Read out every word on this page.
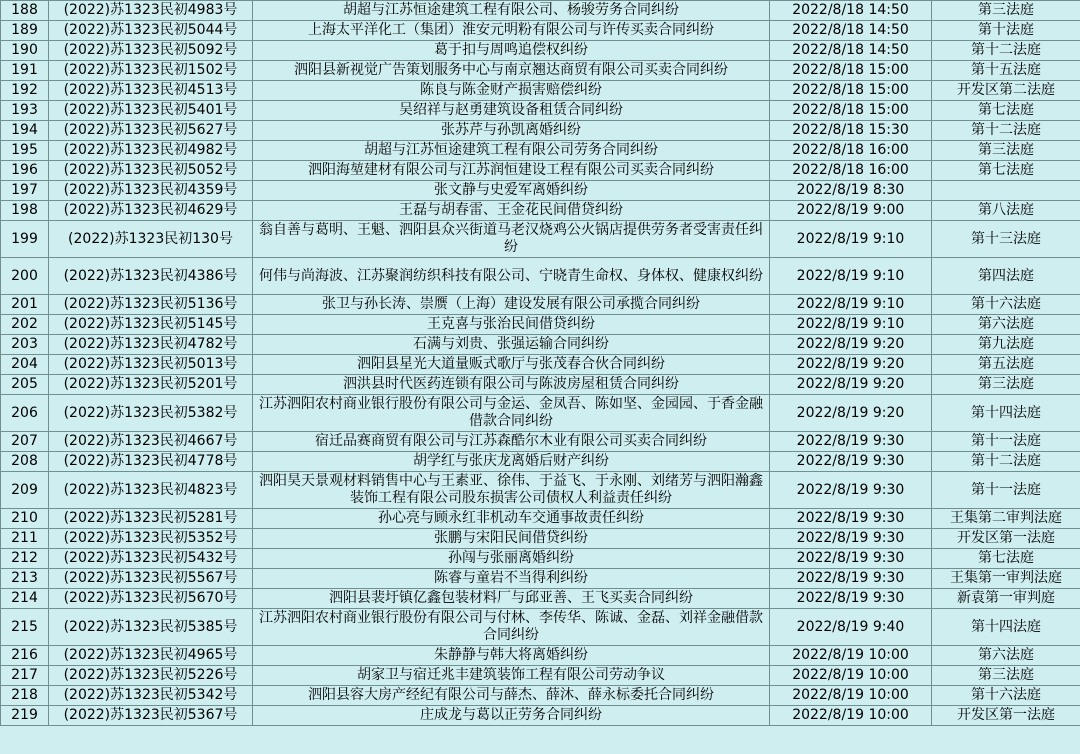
188	(2022)苏1323民初4983号	胡超与江苏恒途建筑工程有限公司、杨骏劳务合同纠纷	2022/8/18 14:50	第三法庭
189	(2022)苏1323民初5044号	上海太平洋化工（集团）淮安元明粉有限公司与许传买卖合同纠纷	2022/8/18 14:50	第十法庭
190	(2022)苏1323民初5092号	葛于扣与周鸣追偿权纠纷	2022/8/18 14:50	第十二法庭
191	(2022)苏1323民初1502号	泗阳县新视觉广告策划服务中心与南京翘达商贸有限公司买卖合同纠纷	2022/8/18 15:00	第十五法庭
192	(2022)苏1323民初4513号	陈良与陈金财产损害赔偿纠纷	2022/8/18 15:00	开发区第二法庭
193	(2022)苏1323民初5401号	吴绍祥与赵勇建筑设备租赁合同纠纷	2022/8/18 15:00	第七法庭
194	(2022)苏1323民初5627号	张苏芹与孙凯离婚纠纷	2022/8/18 15:30	第十二法庭
195	(2022)苏1323民初4982号	胡超与江苏恒途建筑工程有限公司劳务合同纠纷	2022/8/18 16:00	第三法庭
196	(2022)苏1323民初5052号	泗阳海堃建材有限公司与江苏润恒建设工程有限公司买卖合同纠纷	2022/8/18 16:00	第七法庭
197	(2022)苏1323民初4359号	张文静与史爱军离婚纠纷	2022/8/19 8:30	
198	(2022)苏1323民初4629号	王磊与胡春雷、王金花民间借贷纠纷	2022/8/19 9:00	第八法庭
199	(2022)苏1323民初130号	翁自善与葛明、王魁、泗阳县众兴街道马老汉烧鸡公火锅店提供劳务者受害责任纠纷	2022/8/19 9:10	第十三法庭
200	(2022)苏1323民初4386号	何伟与尚海波、江苏聚润纺织科技有限公司、宁晓青生命权、身体权、健康权纠纷	2022/8/19 9:10	第四法庭
201	(2022)苏1323民初5136号	张卫与孙长涛、崇赝（上海）建设发展有限公司承揽合同纠纷	2022/8/19 9:10	第十六法庭
202	(2022)苏1323民初5145号	王克喜与张治民间借贷纠纷	2022/8/19 9:10	第六法庭
203	(2022)苏1323民初4782号	石满与刘贵、张强运输合同纠纷	2022/8/19 9:20	第九法庭
204	(2022)苏1323民初5013号	泗阳县星光大道量贩式歌厅与张茂春合伙合同纠纷	2022/8/19 9:20	第五法庭
205	(2022)苏1323民初5201号	泗洪县时代医药连锁有限公司与陈波房屋租赁合同纠纷	2022/8/19 9:20	第三法庭
206	(2022)苏1323民初5382号	江苏泗阳农村商业银行股份有限公司与金运、金凤吾、陈如坚、金园园、于香金融借款合同纠纷	2022/8/19 9:20	第十四法庭
207	(2022)苏1323民初4667号	宿迁品赛商贸有限公司与江苏森酷尔木业有限公司买卖合同纠纷	2022/8/19 9:30	第十一法庭
208	(2022)苏1323民初4778号	胡学红与张庆龙离婚后财产纠纷	2022/8/19 9:30	第十二法庭
209	(2022)苏1323民初4823号	泗阳昊天景观材料销售中心与王素亚、徐伟、于益飞、于永刚、刘绪芳与泗阳瀚鑫装饰工程有限公司股东损害公司债权人利益责任纠纷	2022/8/19 9:30	第十一法庭
210	(2022)苏1323民初5281号	孙心亮与顾永红非机动车交通事故责任纠纷	2022/8/19 9:30	王集第二审判法庭
211	(2022)苏1323民初5352号	张鹏与宋阳民间借贷纠纷	2022/8/19 9:30	开发区第一法庭
212	(2022)苏1323民初5432号	孙闯与张丽离婚纠纷	2022/8/19 9:30	第七法庭
213	(2022)苏1323民初5567号	陈睿与童岩不当得利纠纷	2022/8/19 9:30	王集第一审判法庭
214	(2022)苏1323民初5670号	泗阳县裴圩镇亿鑫包装材料厂与邱亚善、王飞买卖合同纠纷	2022/8/19 9:30	新袁第一审判庭
215	(2022)苏1323民初5385号	江苏泗阳农村商业银行股份有限公司与付林、李传华、陈诚、金磊、刘祥金融借款合同纠纷	2022/8/19 9:40	第十四法庭
216	(2022)苏1323民初4965号	朱静静与韩大将离婚纠纷	2022/8/19 10:00	第六法庭
217	(2022)苏1323民初5226号	胡家卫与宿迁兆丰建筑装饰工程有限公司劳动争议	2022/8/19 10:00	第三法庭
218	(2022)苏1323民初5342号	泗阳县容大房产经纪有限公司与薛杰、薛沐、薛永标委托合同纠纷	2022/8/19 10:00	第十六法庭
219	(2022)苏1323民初5367号	庄成龙与葛以正劳务合同纠纷	2022/8/19 10:00	开发区第一法庭
